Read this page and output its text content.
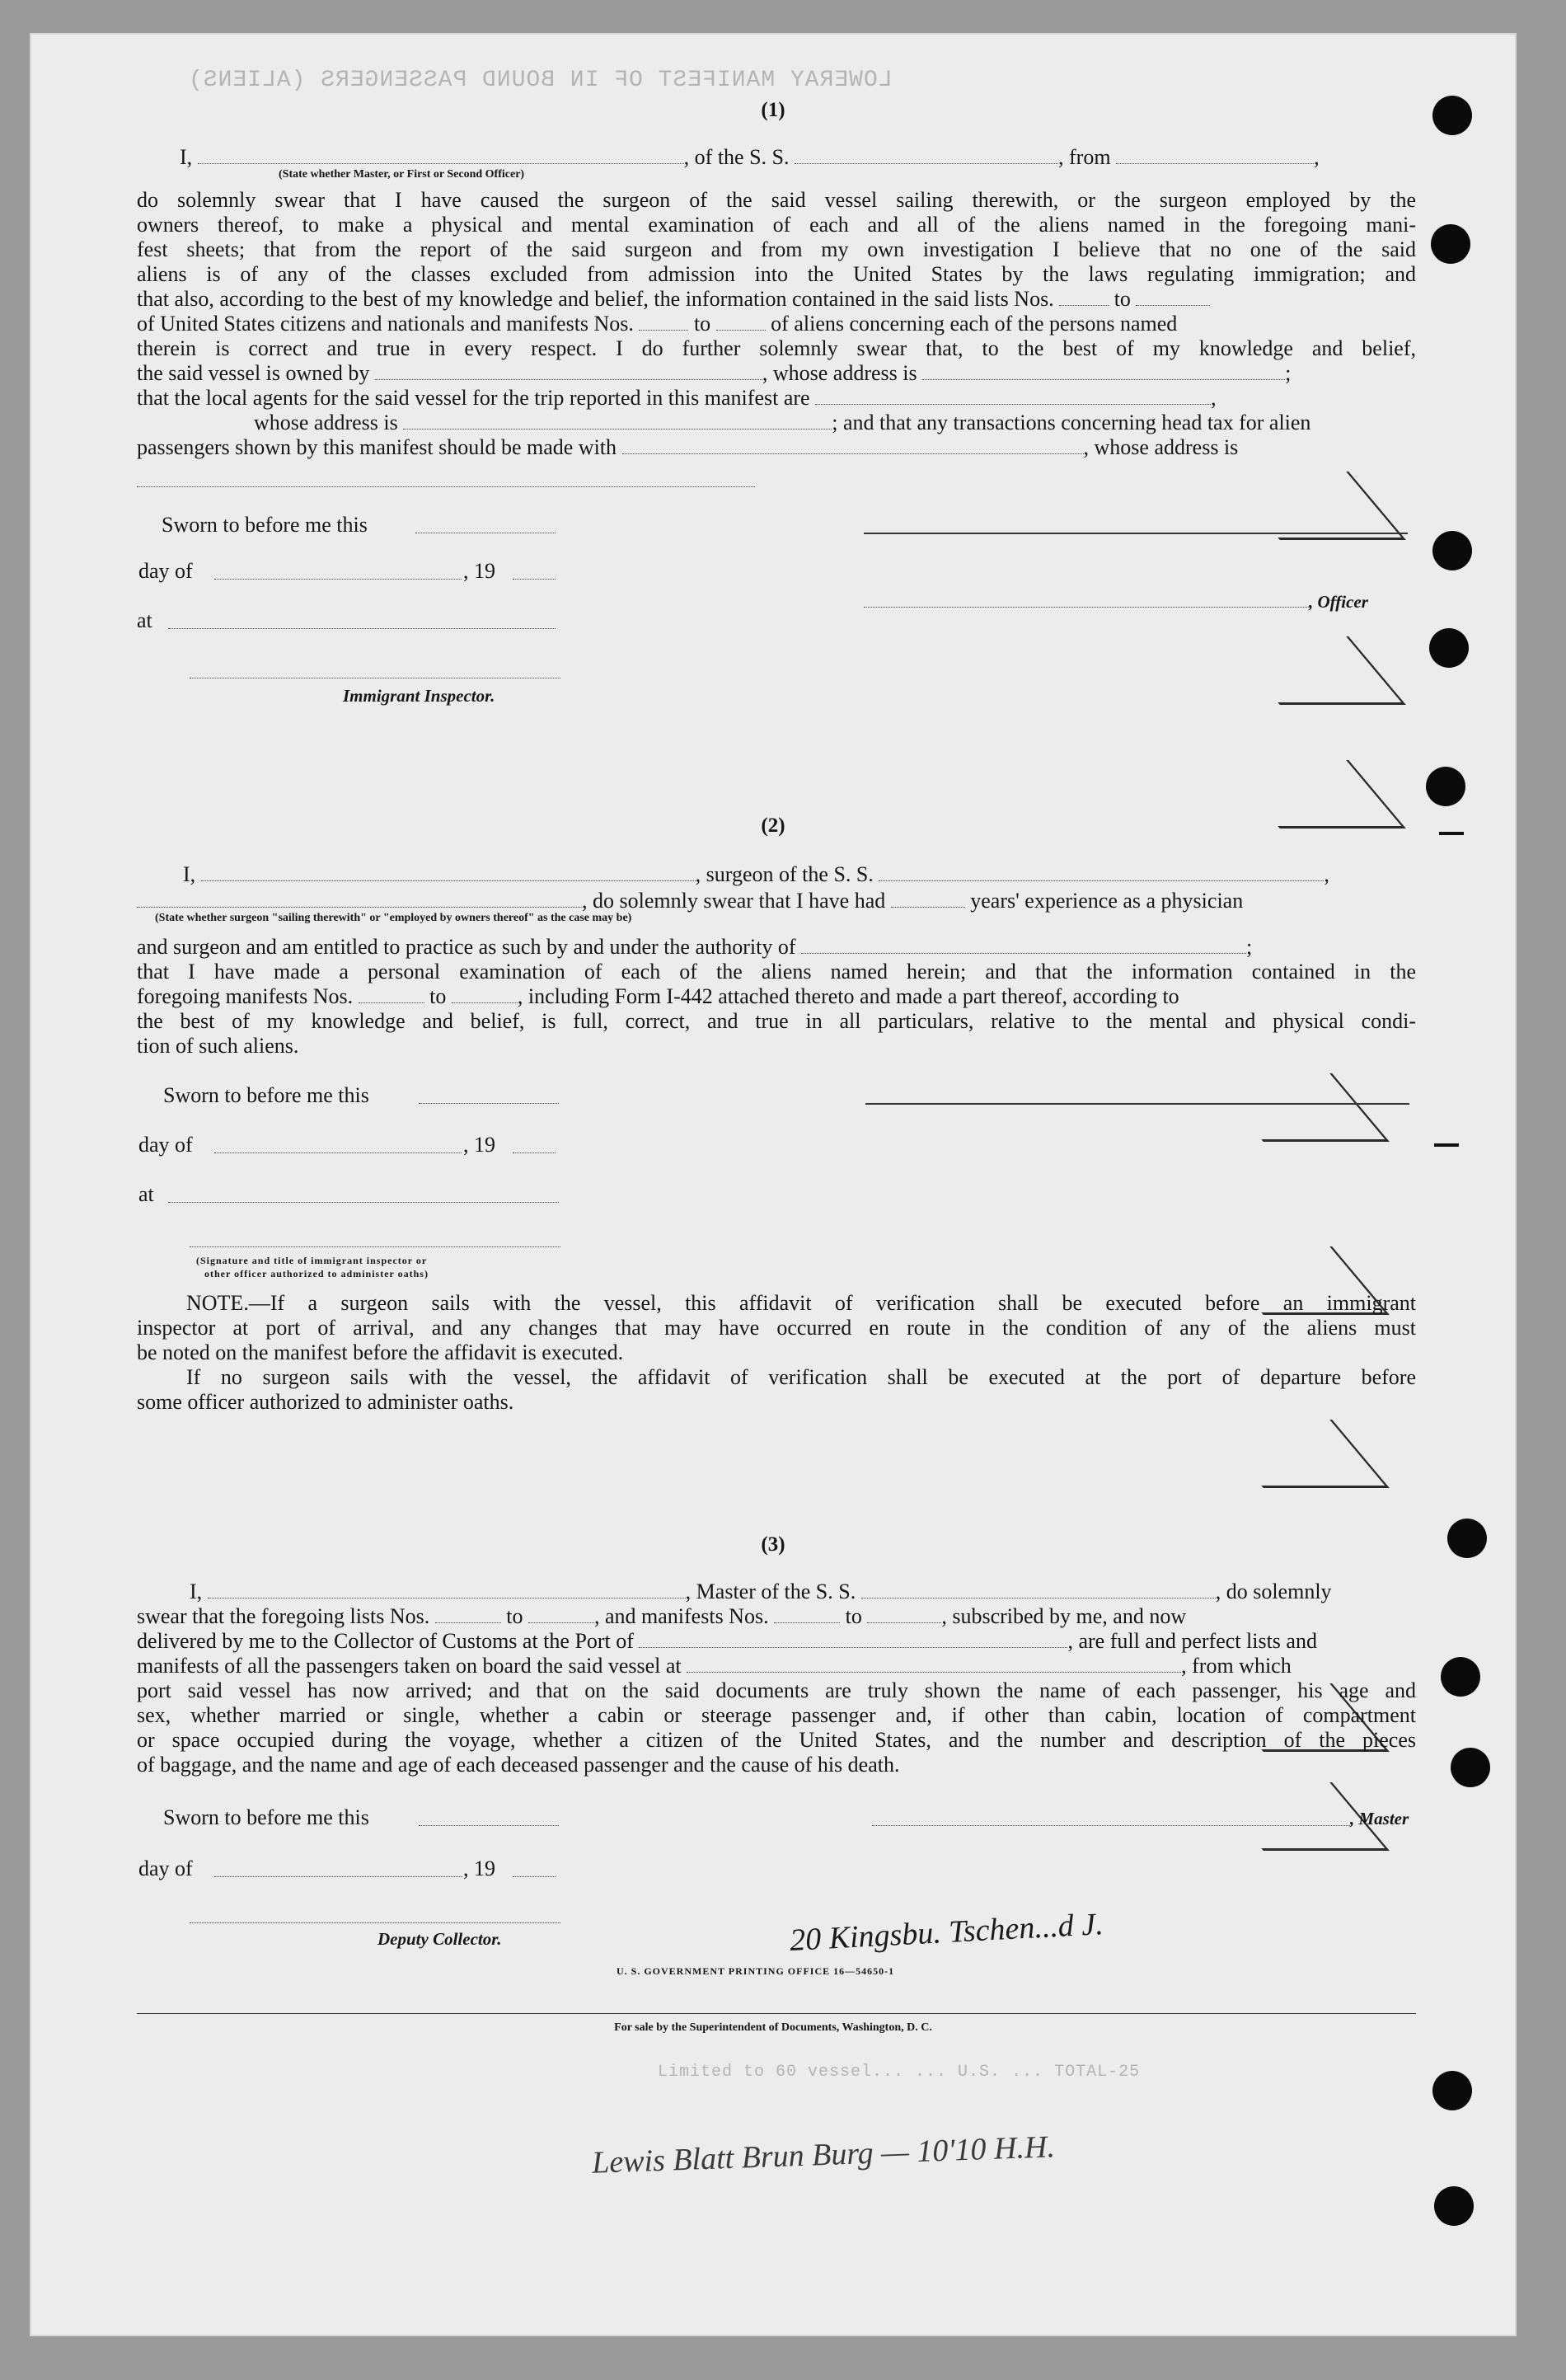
LOWERAY MANIFEST OF IN BOUND PASSENGERS (ALIENS)
Limited to 60 vessel... ... U.S. ... TOTAL-25
(1)
I,	, of the S. S.	, from	,
(State whether Master, or First or Second Officer)
do solemnly swear that I have caused the surgeon of the said vessel sailing therewith, or the surgeon employed by the
owners thereof, to make a physical and mental examination of each and all of the aliens named in the foregoing mani-
fest sheets; that from the report of the said surgeon and from my own investigation I believe that no one of the said
aliens is of any of the classes excluded from admission into the United States by the laws regulating immigration; and
that also, according to the best of my knowledge and belief, the information contained in the said lists Nos.	to
of United States citizens and nationals and manifests Nos.	to	of aliens concerning each of the persons named
therein is correct and true in every respect. I do further solemnly swear that, to the best of my knowledge and belief,
the said vessel is owned by	, whose address is	;
that the local agents for the said vessel for the trip reported in this manifest are	,
whose address is	; and that any transactions concerning head tax for alien
passengers shown by this manifest should be made with	, whose address is
Sworn to before me this
day of	, 19
at
, Officer
Immigrant Inspector.
(2)
I,	, surgeon of the S. S.	,
, do solemnly swear that I have had	years' experience as a physician
(State whether surgeon "sailing therewith" or "employed by owners thereof" as the case may be)
and surgeon and am entitled to practice as such by and under the authority of	;
that I have made a personal examination of each of the aliens named herein; and that the information contained in the
foregoing manifests Nos.	to	, including Form I-442 attached thereto and made a part thereof, according to
the best of my knowledge and belief, is full, correct, and true in all particulars, relative to the mental and physical condi-
tion of such aliens.
Sworn to before me this
day of	, 19
at
(Signature and title of immigrant inspector or
other officer authorized to administer oaths)
NOTE.—If a surgeon sails with the vessel, this affidavit of verification shall be executed before an immigrant
inspector at port of arrival, and any changes that may have occurred en route in the condition of any of the aliens must
be noted on the manifest before the affidavit is executed.
If no surgeon sails with the vessel, the affidavit of verification shall be executed at the port of departure before
some officer authorized to administer oaths.
(3)
I,	, Master of the S. S.	, do solemnly
swear that the foregoing lists Nos.	to	, and manifests Nos.	to	, subscribed by me, and now
delivered by me to the Collector of Customs at the Port of	, are full and perfect lists and
manifests of all the passengers taken on board the said vessel at	, from which
port said vessel has now arrived; and that on the said documents are truly shown the name of each passenger, his age and
sex, whether married or single, whether a cabin or steerage passenger and, if other than cabin, location of compartment
or space occupied during the voyage, whether a citizen of the United States, and the number and description of the pieces
of baggage, and the name and age of each deceased passenger and the cause of his death.
Sworn to before me this	, Master
day of	, 19
Deputy Collector.
U. S. GOVERNMENT PRINTING OFFICE 16—54650-1
20 Kingsbu. Tschen...d J.
Lewis Blatt Brun Burg — 10'10 H.H.
For sale by the Superintendent of Documents, Washington, D. C.
